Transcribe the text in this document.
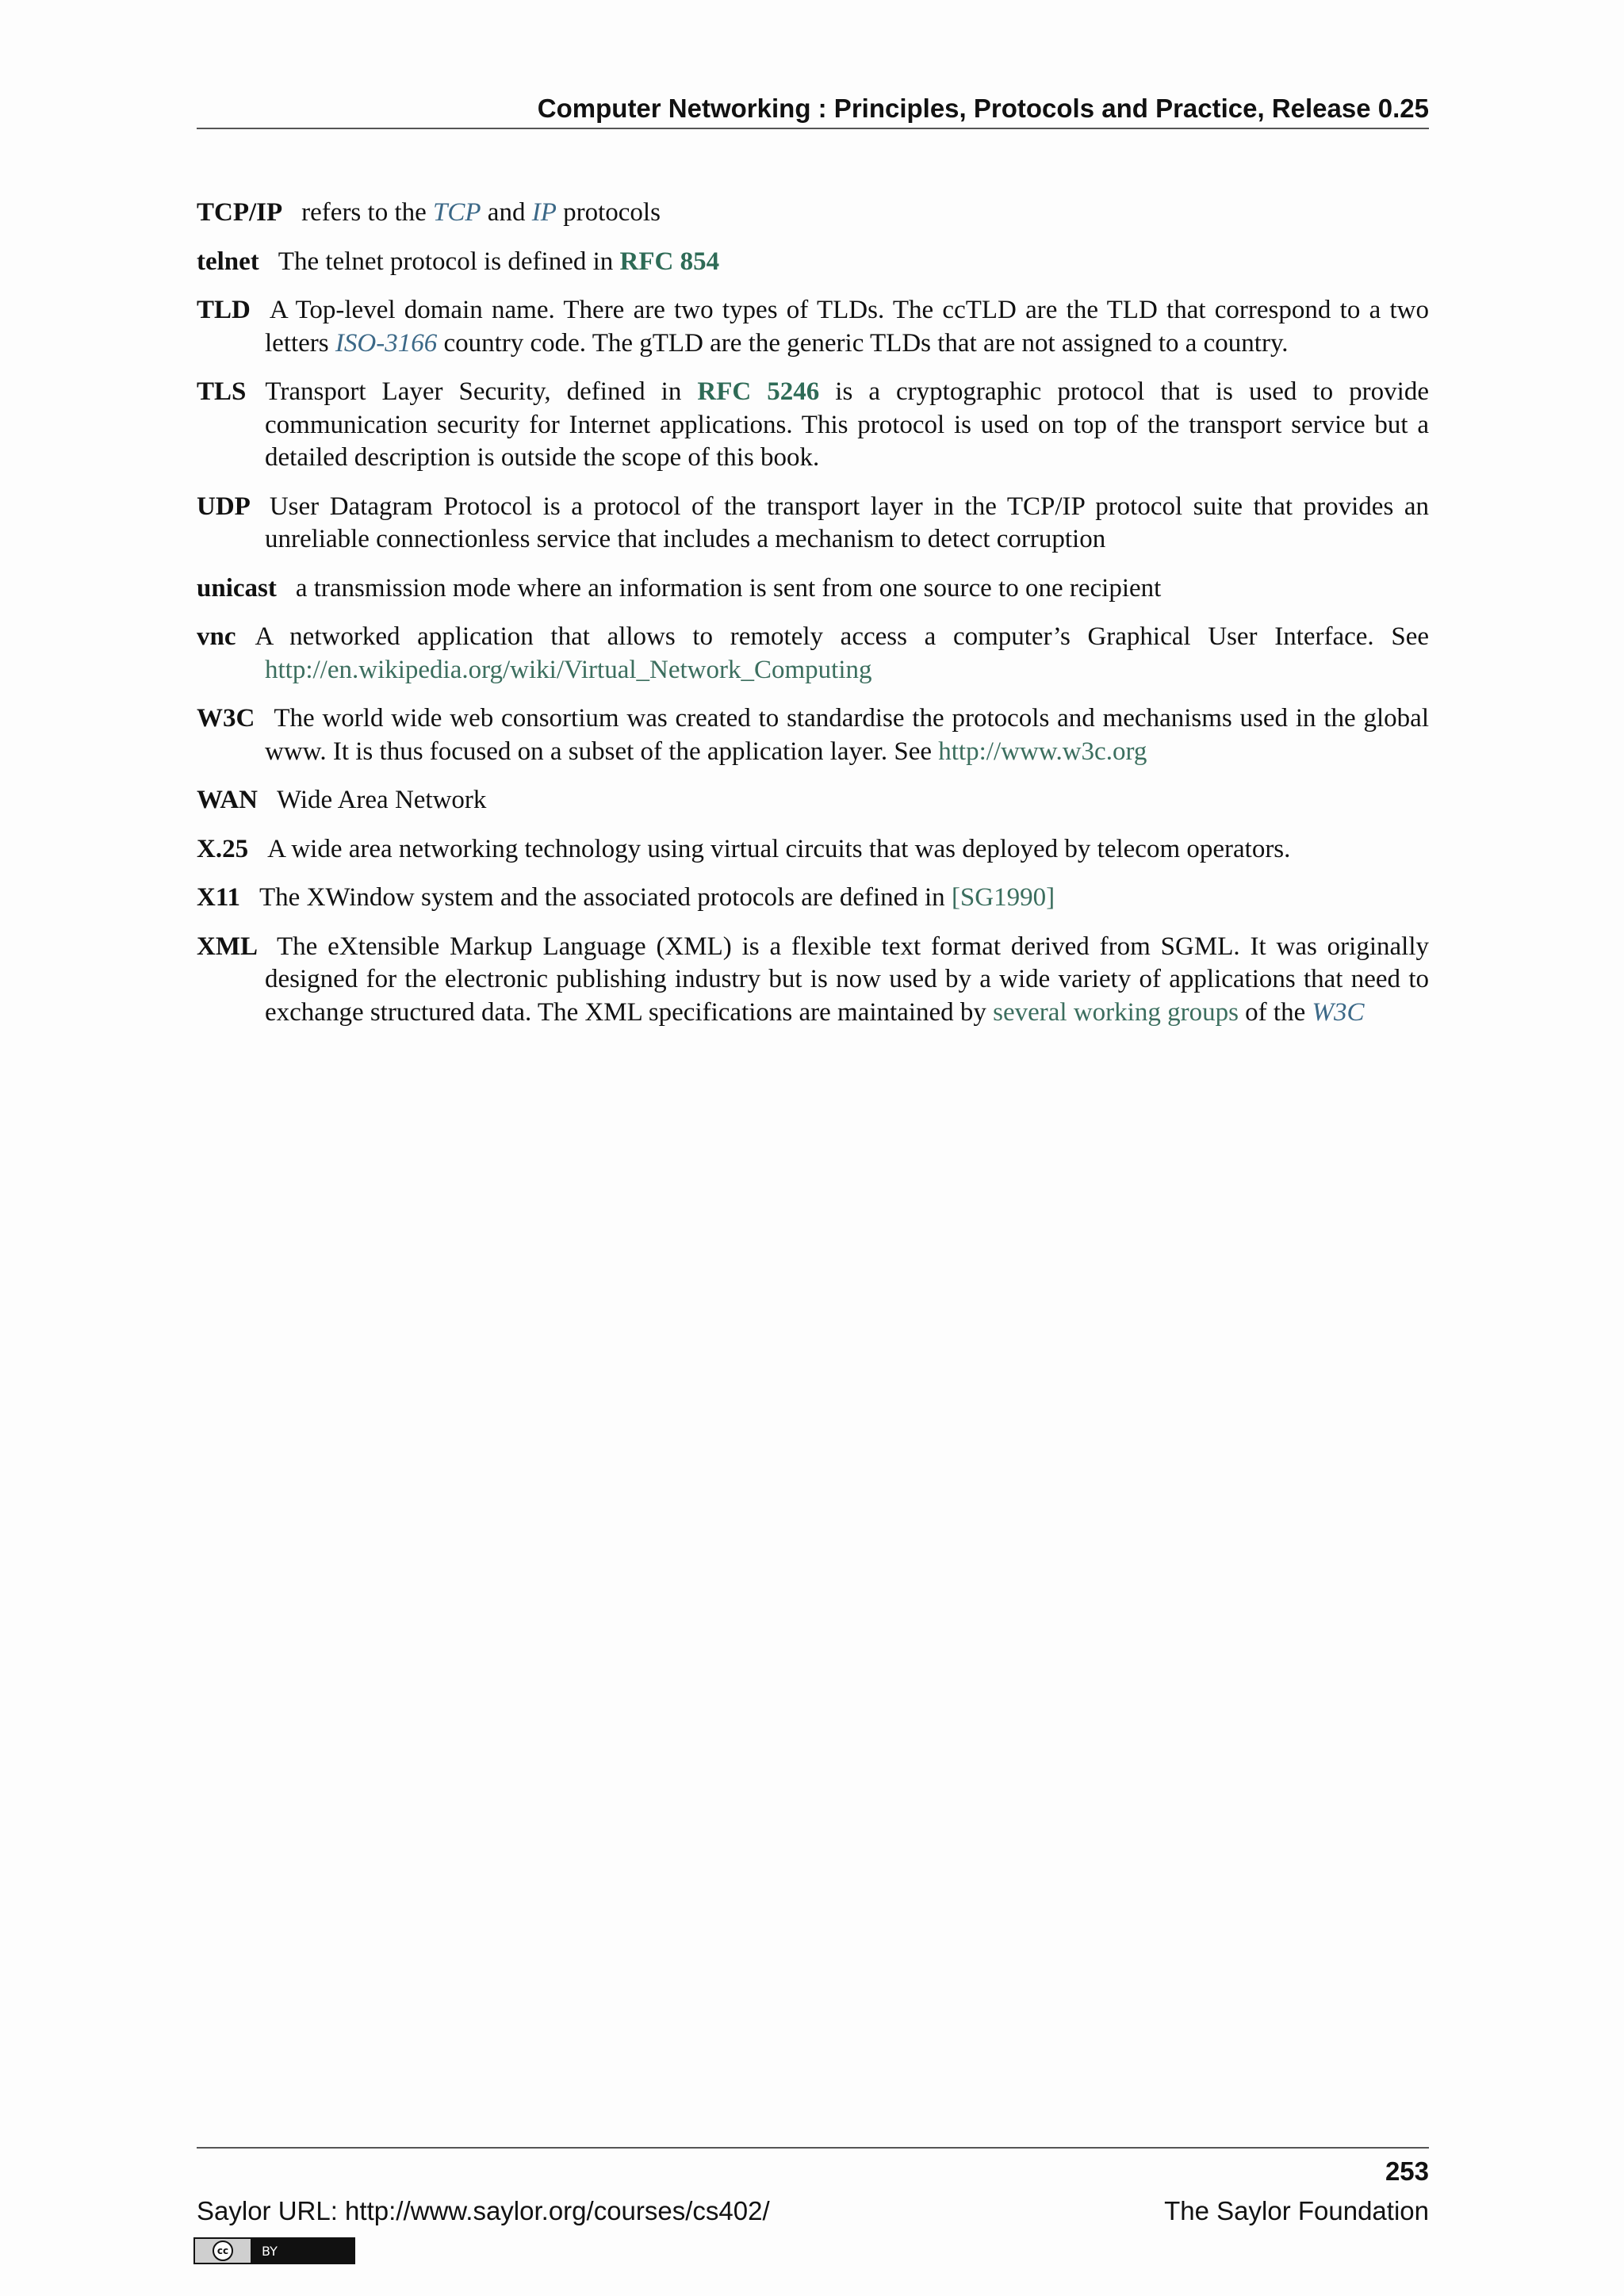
Computer Networking : Principles, Protocols and Practice, Release 0.25
TCP/IP refers to the TCP and IP protocols
telnet The telnet protocol is defined in RFC 854
TLD A Top-level domain name. There are two types of TLDs. The ccTLD are the TLD that correspond to a two letters ISO-3166 country code. The gTLD are the generic TLDs that are not assigned to a country.
TLS Transport Layer Security, defined in RFC 5246 is a cryptographic protocol that is used to provide communication security for Internet applications. This protocol is used on top of the transport service but a detailed description is outside the scope of this book.
UDP User Datagram Protocol is a protocol of the transport layer in the TCP/IP protocol suite that provides an unreliable connectionless service that includes a mechanism to detect corruption
unicast a transmission mode where an information is sent from one source to one recipient
vnc A networked application that allows to remotely access a computer’s Graphical User Interface. See http://en.wikipedia.org/wiki/Virtual_Network_Computing
W3C The world wide web consortium was created to standardise the protocols and mechanisms used in the global www. It is thus focused on a subset of the application layer. See http://www.w3c.org
WAN Wide Area Network
X.25 A wide area networking technology using virtual circuits that was deployed by telecom operators.
X11 The XWindow system and the associated protocols are defined in [SG1990]
XML The eXtensible Markup Language (XML) is a flexible text format derived from SGML. It was originally designed for the electronic publishing industry but is now used by a wide variety of applications that need to exchange structured data. The XML specifications are maintained by several working groups of the W3C
253
Saylor URL: http://www.saylor.org/courses/cs402/	The Saylor Foundation
cc	BY
